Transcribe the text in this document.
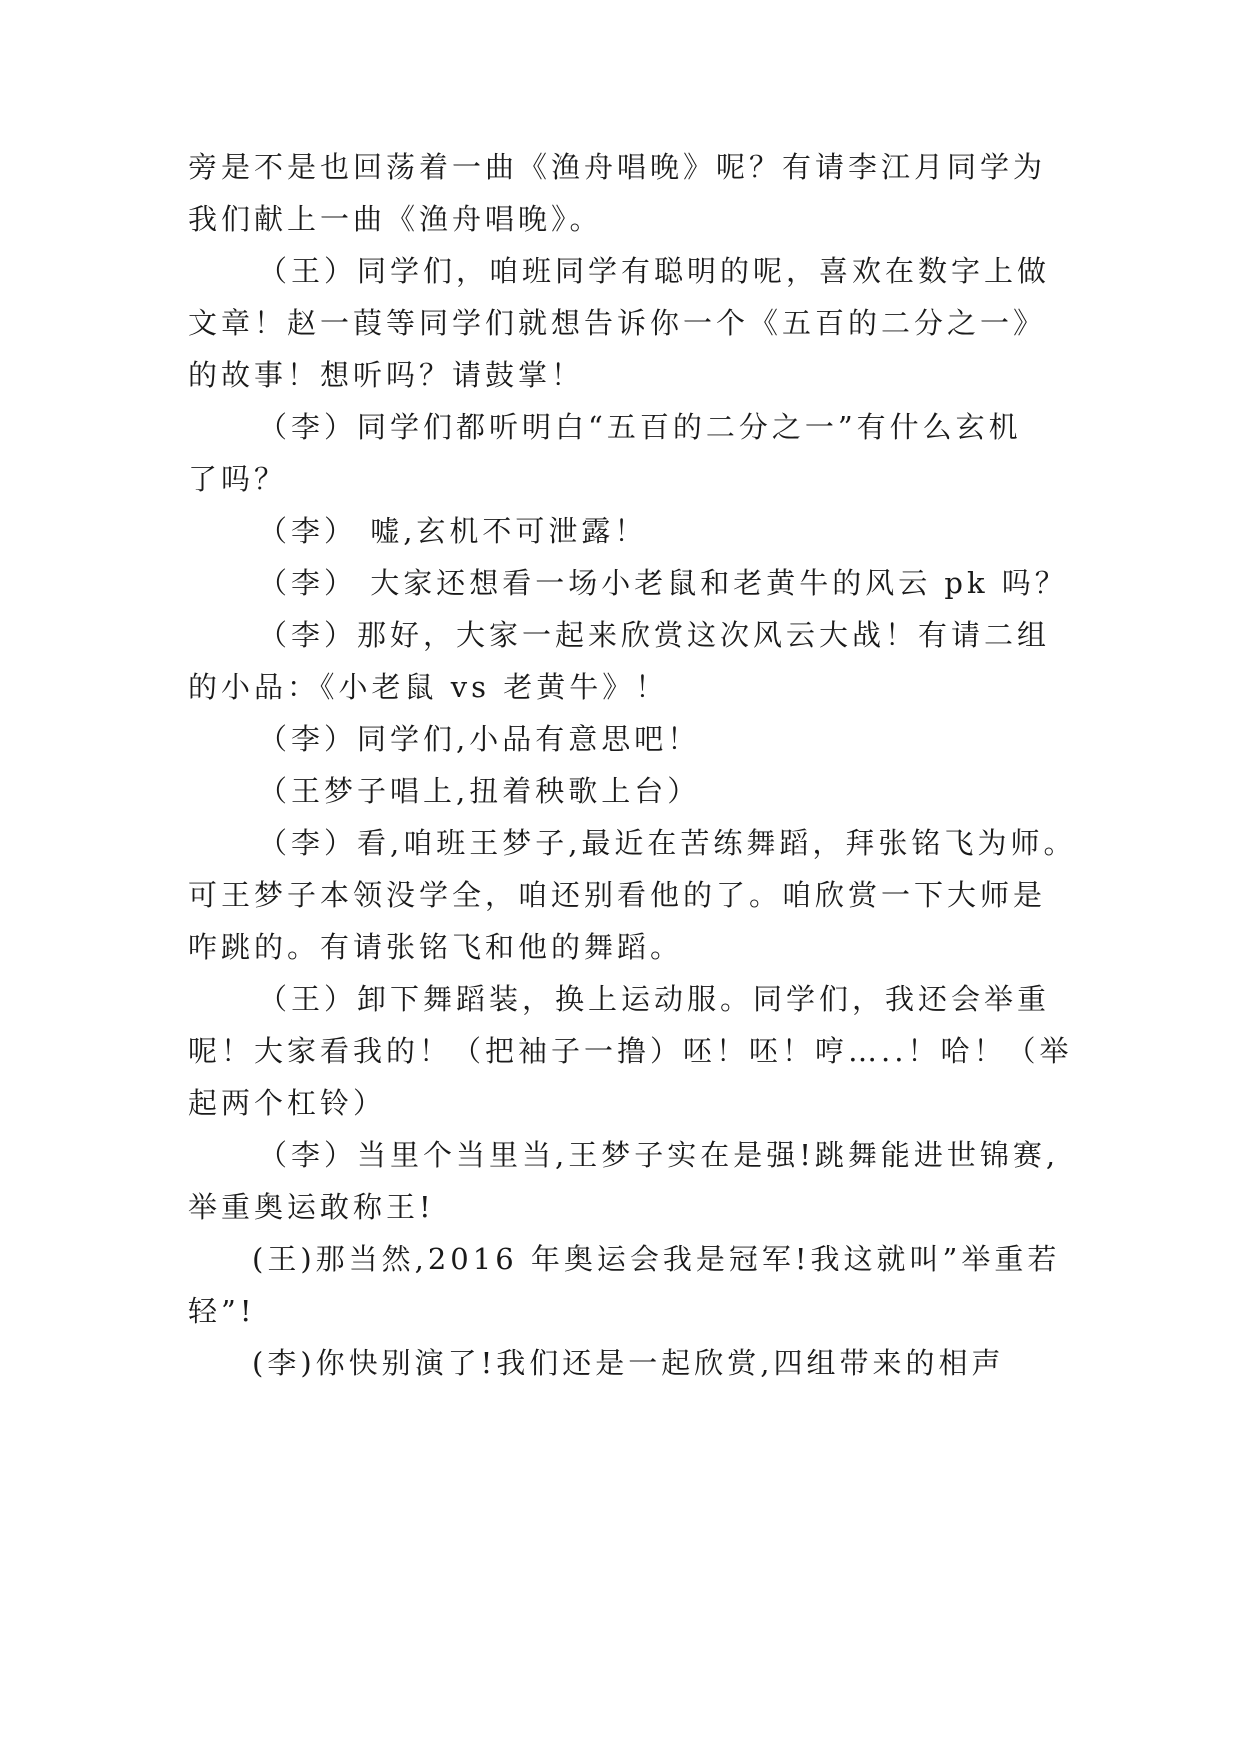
旁是不是也回荡着一曲《渔舟唱晚》呢？有请李江月同学为
我们献上一曲《渔舟唱晚》。
（王）同学们，咱班同学有聪明的呢，喜欢在数字上做
文章！赵一葭等同学们就想告诉你一个《五百的二分之一》
的故事！想听吗？请鼓掌！
（李）同学们都听明白“五百的二分之一”有什么玄机
了吗？
（李） 嘘,玄机不可泄露！
（李） 大家还想看一场小老鼠和老黄牛的风云 pk 吗？
（李）那好，大家一起来欣赏这次风云大战！有请二组
的小品：《小老鼠 vs 老黄牛》！
（李）同学们,小品有意思吧！
（王梦子唱上,扭着秧歌上台）
（李）看,咱班王梦子,最近在苦练舞蹈，拜张铭飞为师。
可王梦子本领没学全，咱还别看他的了。咱欣赏一下大师是
咋跳的。有请张铭飞和他的舞蹈。
（王）卸下舞蹈装，换上运动服。同学们，我还会举重
呢！大家看我的！（把袖子一撸）呸！呸！哼…..！哈！（举
起两个杠铃）
（李）当里个当里当,王梦子实在是强!跳舞能进世锦赛,
举重奥运敢称王!
(王)那当然,2016 年奥运会我是冠军!我这就叫”举重若
轻”!
(李)你快别演了!我们还是一起欣赏,四组带来的相声
